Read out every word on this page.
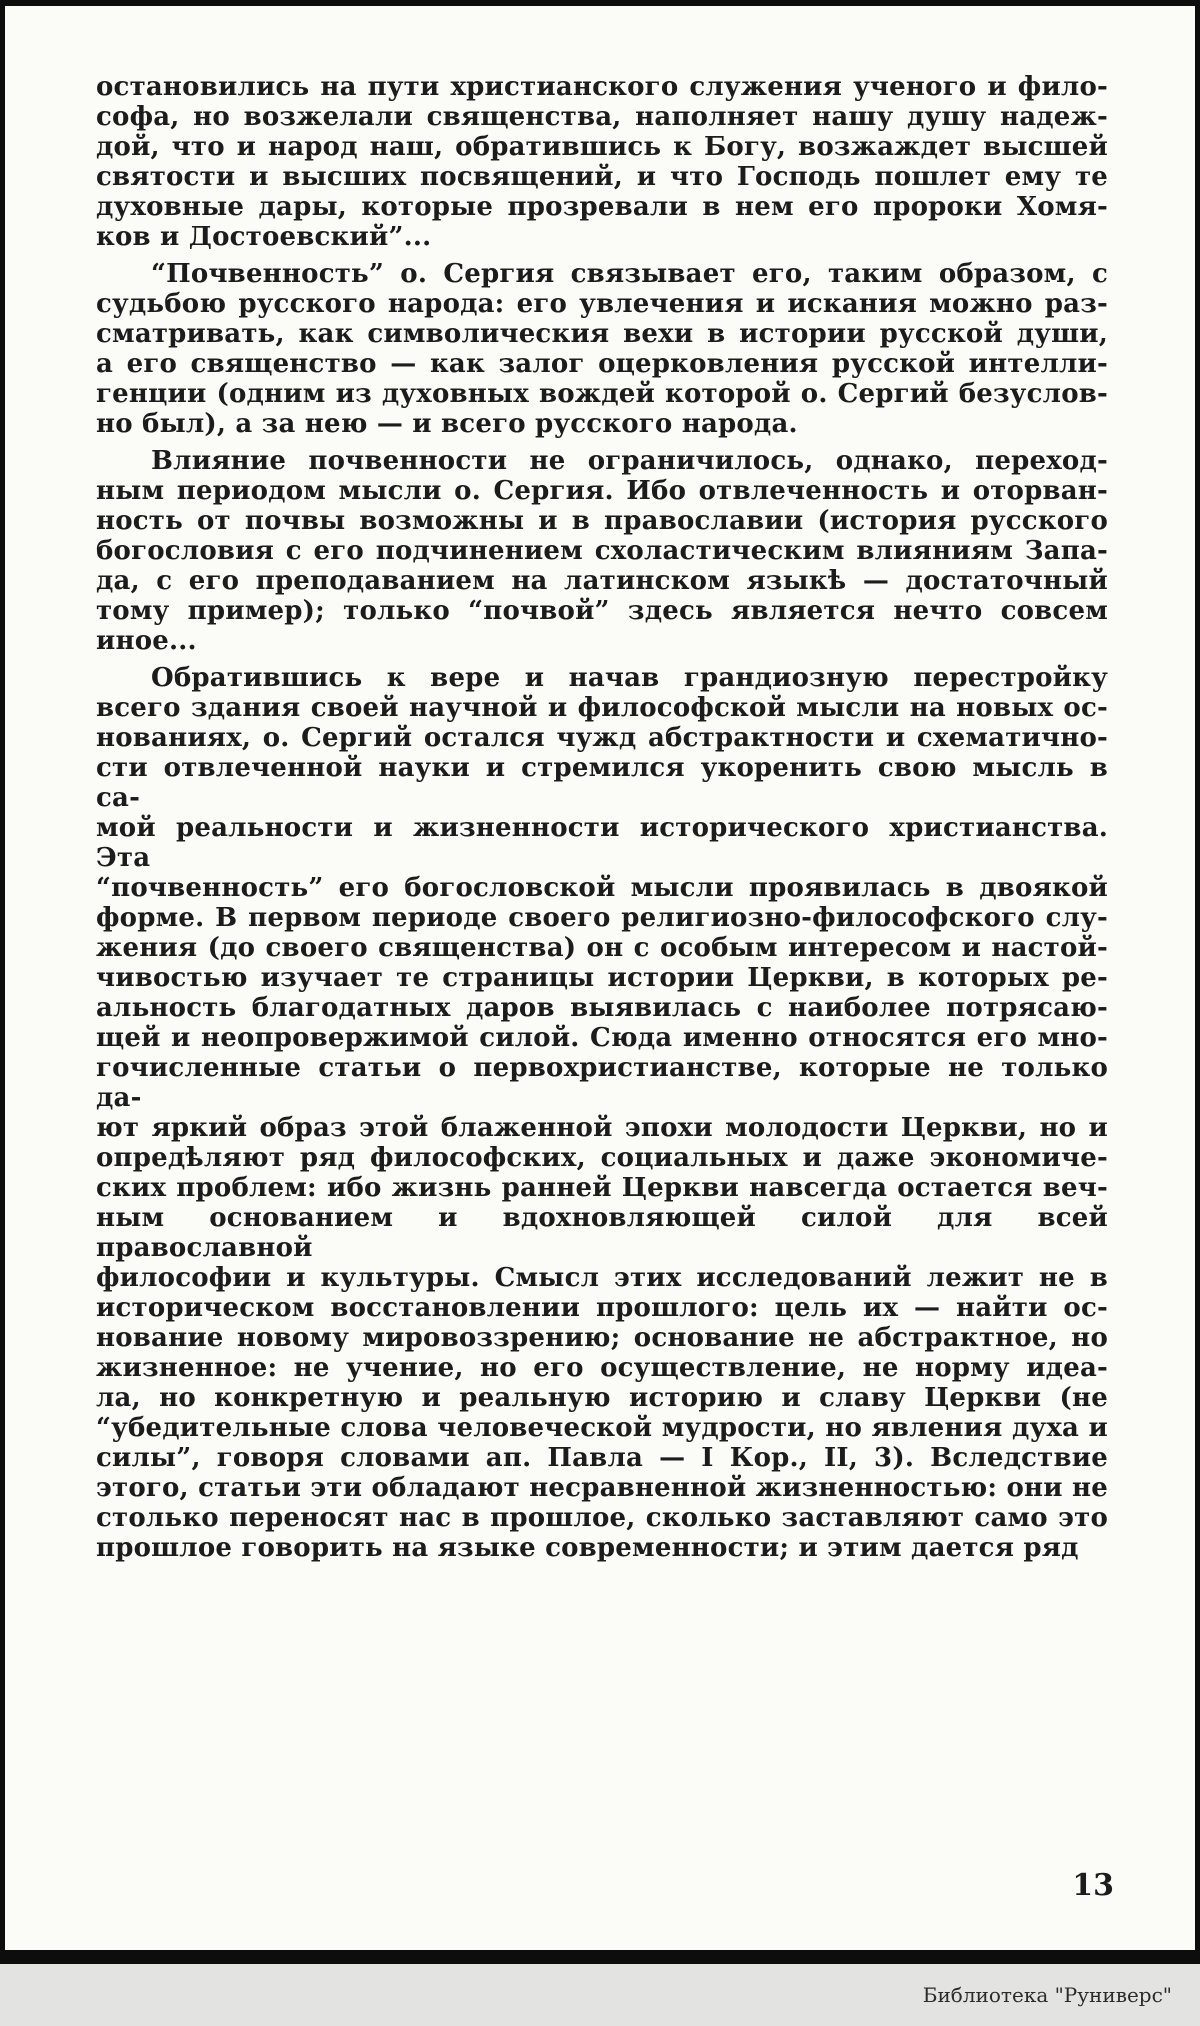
остановились на пути христианского служения ученого и фило-
софа, но возжелали священства, наполняет нашу душу надеж-
дой, что и народ наш, обратившись к Богу, возжаждет высшей
святости и высших посвящений, и что Господь пошлет ему те
духовные дары, которые прозревали в нем его пророки Хомя-
ков и Достоевский”...
“Почвенность” о. Сергия связывает его, таким образом, с
судьбою русского народа: его увлечения и искания можно раз-
сматривать, как символическия вехи в истории русской души,
а его священство — как залог оцерковления русской интелли-
генции (одним из духовных вождей которой о. Сергий безуслов-
но был), а за нею — и всего русского народа.
Влияние почвенности не ограничилось, однако, переход-
ным периодом мысли о. Сергия. Ибо отвлеченность и оторван-
ность от почвы возможны и в православии (история русского
богословия с его подчинением схоластическим влияниям Запа-
да, с его преподаванием на латинском языкѣ — достаточный
тому пример); только “почвой” здесь является нечто совсем
иное...
Обратившись к вере и начав грандиозную перестройку
всего здания своей научной и философской мысли на новых ос-
нованиях, о. Сергий остался чужд абстрактности и схематично-
сти отвлеченной науки и стремился укоренить свою мысль в са-
мой реальности и жизненности исторического христианства. Эта
“почвенность” его богословской мысли проявилась в двоякой
форме. В первом периоде своего религиозно-философского слу-
жения (до своего священства) он с особым интересом и настой-
чивостью изучает те страницы истории Церкви, в которых ре-
альность благодатных даров выявилась с наиболее потрясаю-
щей и неопровержимой силой. Сюда именно относятся его мно-
гочисленные статьи о первохристианстве, которые не только да-
ют яркий образ этой блаженной эпохи молодости Церкви, но и
опредѣляют ряд философских, социальных и даже экономиче-
ских проблем: ибо жизнь ранней Церкви навсегда остается веч-
ным основанием и вдохновляющей силой для всей православной
философии и культуры. Смысл этих исследований лежит не в
историческом восстановлении прошлого: цель их — найти ос-
нование новому мировоззрению; основание не абстрактное, но
жизненное: не учение, но его осуществление, не норму идеа-
ла, но конкретную и реальную историю и славу Церкви (не
“убедительные слова человеческой мудрости, но явления духа и
силы”, говоря словами ап. Павла — I Кор., II, 3). Вследствие
этого, статьи эти обладают несравненной жизненностью: они не
столько переносят нас в прошлое, сколько заставляют само это
прошлое говорить на языке современности; и этим дается ряд
13
Библиотека "Руниверс"
